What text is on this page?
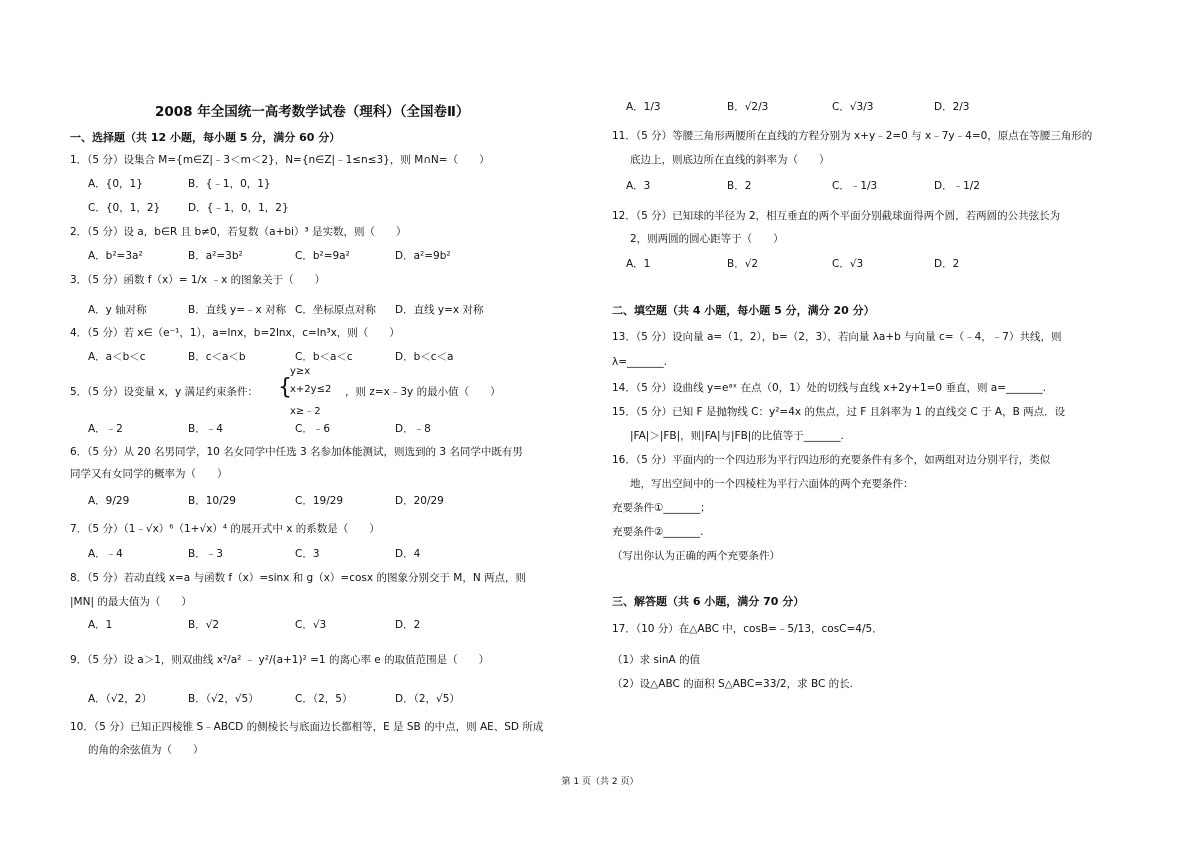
2008 年全国统一高考数学试卷（理科）（全国卷Ⅱ）
一、选择题（共 12 小题，每小题 5 分，满分 60 分）
1．（5 分）设集合 M={m∈Z|﹣3＜m＜2}，N={n∈Z|﹣1≤n≤3}，则 M∩N=（　　）
A．{0，1}	B．{﹣1，0，1}
C．{0，1，2}	D．{﹣1，0，1，2}
2．（5 分）设 a，b∈R 且 b≠0，若复数（a+bi）³ 是实数，则（　　）
A．b²=3a²	B．a²=3b²	C．b²=9a²	D．a²=9b²
3．（5 分）函数 f（x）= 1/x ﹣x 的图象关于（　　）
A．y 轴对称	B．直线 y=﹣x 对称 C．坐标原点对称 D．直线 y=x 对称
4．（5 分）若 x∈（e⁻¹，1），a=lnx，b=2lnx，c=ln³x，则（　　）
A．a＜b＜c	B．c＜a＜b	C．b＜a＜c	D．b＜c＜a
5．（5 分）设变量 x，y 满足约束条件： {
y≥x
x+2y≤2
x≥﹣2
，则 z=x﹣3y 的最小值（　　）
A．﹣2	B．﹣4	C．﹣6	D．﹣8
6．（5 分）从 20 名男同学，10 名女同学中任选 3 名参加体能测试，则选到的 3 名同学中既有男
同学又有女同学的概率为（　　）
A．9/29	B．10/29	C．19/29	D．20/29
7．（5 分）（1﹣√x）⁶（1+√x）⁴ 的展开式中 x 的系数是（　　）
A．﹣4	B．﹣3	C．3	D．4
8．（5 分）若动直线 x=a 与函数 f（x）=sinx 和 g（x）=cosx 的图象分别交于 M，N 两点，则
|MN| 的最大值为（　　）
A．1	B．√2	C．√3	D．2
9．（5 分）设 a＞1，则双曲线 x²/a² ﹣ y²/(a+1)² =1 的离心率 e 的取值范围是（　　）
A．（√2，2）	B．（√2，√5）	C．（2，5）	D．（2，√5）
10．（5 分）已知正四棱锥 S﹣ABCD 的侧棱长与底面边长都相等，E 是 SB 的中点，则 AE、SD 所成
的角的余弦值为（　　）
A．1/3	B．√2/3	C．√3/3	D．2/3
11．（5 分）等腰三角形两腰所在直线的方程分别为 x+y﹣2=0 与 x﹣7y﹣4=0，原点在等腰三角形的
底边上，则底边所在直线的斜率为（　　）
A．3	B．2	C．﹣1/3	D．﹣1/2
12．（5 分）已知球的半径为 2，相互垂直的两个平面分别截球面得两个圆，若两圆的公共弦长为
2，则两圆的圆心距等于（　　）
A．1	B．√2	C．√3	D．2
二、填空题（共 4 小题，每小题 5 分，满分 20 分）
13．（5 分）设向量 a=（1，2），b=（2，3），若向量 λa+b 与向量 c=（﹣4，﹣7）共线，则
λ=_______.
14．（5 分）设曲线 y=eᵃˣ 在点（0，1）处的切线与直线 x+2y+1=0 垂直，则 a=_______.
15．（5 分）已知 F 是抛物线 C：y²=4x 的焦点，过 F 且斜率为 1 的直线交 C 于 A，B 两点．设
|FA|＞|FB|，则|FA|与|FB|的比值等于_______.
16．（5 分）平面内的一个四边形为平行四边形的充要条件有多个，如两组对边分别平行，类似
地，写出空间中的一个四棱柱为平行六面体的两个充要条件：
充要条件①_______；
充要条件②_______.
（写出你认为正确的两个充要条件）
三、解答题（共 6 小题，满分 70 分）
17．（10 分）在△ABC 中，cosB=﹣5/13，cosC=4/5．
（1）求 sinA 的值
（2）设△ABC 的面积 S△ABC=33/2，求 BC 的长.
第 1 页（共 2 页）
